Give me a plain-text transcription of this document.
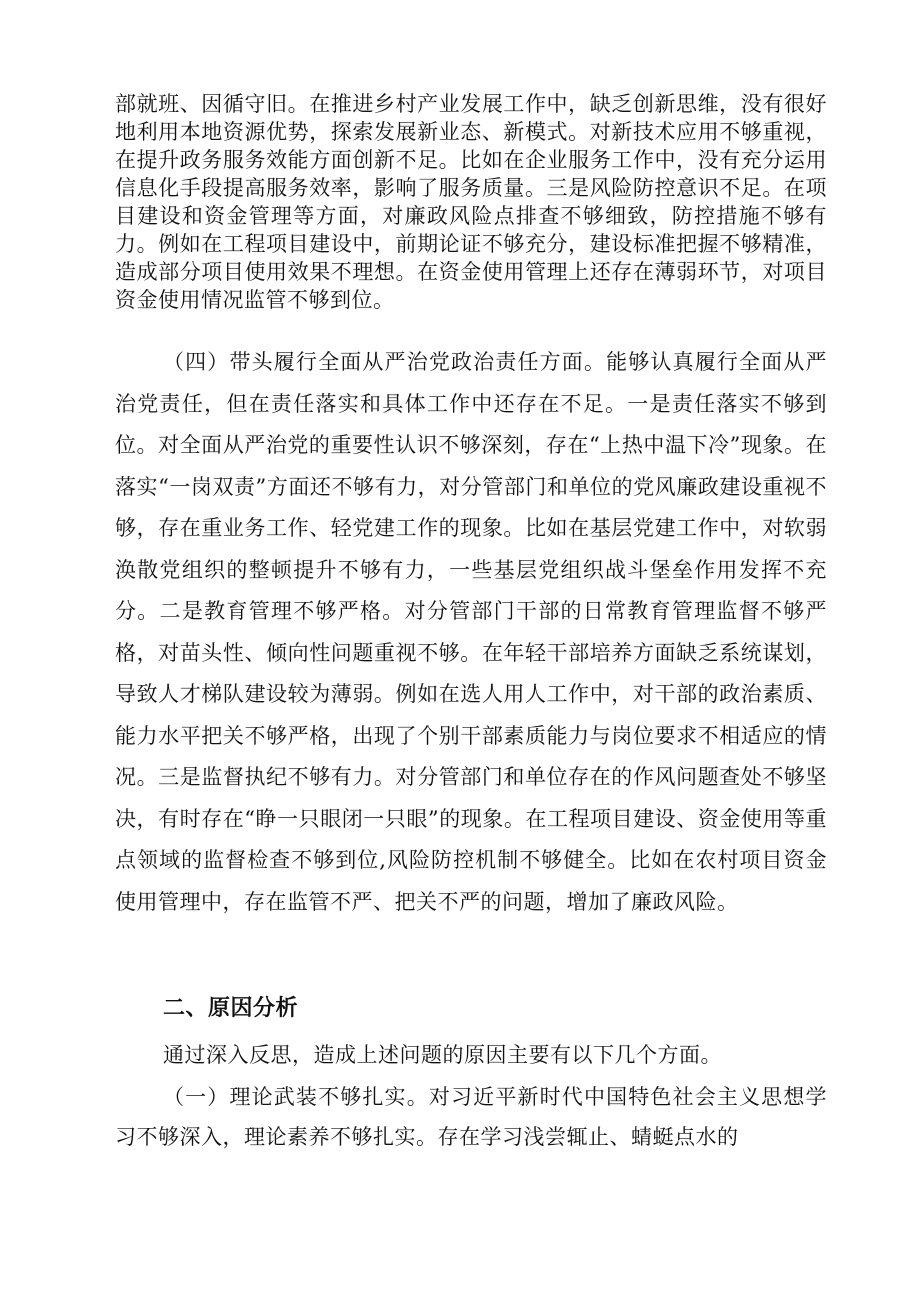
部就班、因循守旧。在推进乡村产业发展工作中，缺乏创新思维，没有很好地利用本地资源优势，探索发展新业态、新模式。对新技术应用不够重视，在提升政务服务效能方面创新不足。比如在企业服务工作中，没有充分运用信息化手段提高服务效率，影响了服务质量。三是风险防控意识不足。在项目建设和资金管理等方面，对廉政风险点排查不够细致，防控措施不够有力。例如在工程项目建设中，前期论证不够充分，建设标准把握不够精准，造成部分项目使用效果不理想。在资金使用管理上还存在薄弱环节，对项目资金使用情况监管不够到位。

（四）带头履行全面从严治党政治责任方面。能够认真履行全面从严治党责任，但在责任落实和具体工作中还存在不足。一是责任落实不够到位。对全面从严治党的重要性认识不够深刻，存在“上热中温下冷”现象。在落实“一岗双责”方面还不够有力，对分管部门和单位的党风廉政建设重视不够，存在重业务工作、轻党建工作的现象。比如在基层党建工作中，对软弱涣散党组织的整顿提升不够有力，一些基层党组织战斗堡垒作用发挥不充分。二是教育管理不够严格。对分管部门干部的日常教育管理监督不够严格，对苗头性、倾向性问题重视不够。在年轻干部培养方面缺乏系统谋划，导致人才梯队建设较为薄弱。例如在选人用人工作中，对干部的政治素质、能力水平把关不够严格，出现了个别干部素质能力与岗位要求不相适应的情况。三是监督执纪不够有力。对分管部门和单位存在的作风问题查处不够坚决，有时存在“睁一只眼闭一只眼”的现象。在工程项目建设、资金使用等重点领域的监督检查不够到位,风险防控机制不够健全。比如在农村项目资金使用管理中，存在监管不严、把关不严的问题，增加了廉政风险。

二、原因分析

通过深入反思，造成上述问题的原因主要有以下几个方面。

（一）理论武装不够扎实。对习近平新时代中国特色社会主义思想学习不够深入，理论素养不够扎实。存在学习浅尝辄止、蜻蜓点水的
